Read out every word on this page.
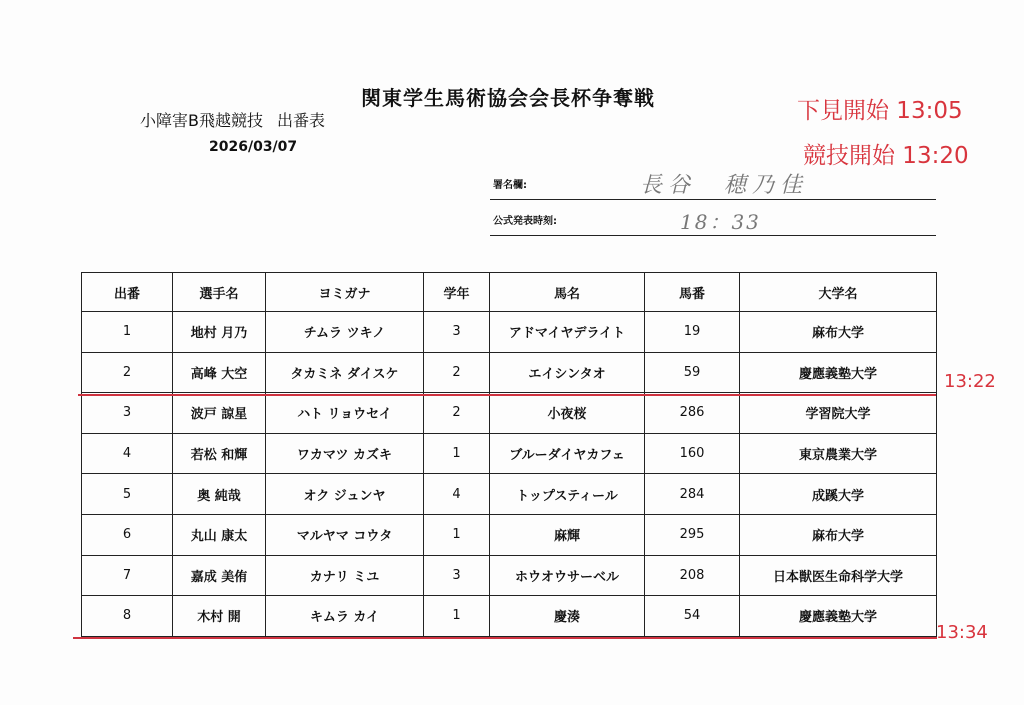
関東学生馬術協会会長杯争奪戦
小障害B飛越競技 出番表
2026/03/07
下見開始 13:05
競技開始 13:20
署名欄:	長谷　穂乃佳
公式発表時刻:	18：33
出番	選手名	ヨミガナ	学年	馬名	馬番	大学名
1	地村 月乃	チムラ ツキノ	3	アドマイヤデライト	19	麻布大学
2	高峰 大空	タカミネ ダイスケ	2	エイシンタオ	59	慶應義塾大学
3	波戸 諒星	ハト リョウセイ	2	小夜桜	286	学習院大学
4	若松 和輝	ワカマツ カズキ	1	ブルーダイヤカフェ	160	東京農業大学
5	奥 純哉	オク ジュンヤ	4	トップスティール	284	成蹊大学
6	丸山 康太	マルヤマ コウタ	1	麻輝	295	麻布大学
7	嘉成 美侑	カナリ ミユ	3	ホウオウサーベル	208	日本獣医生命科学大学
8	木村 開	キムラ カイ	1	慶湊	54	慶應義塾大学
13:22
13:34
